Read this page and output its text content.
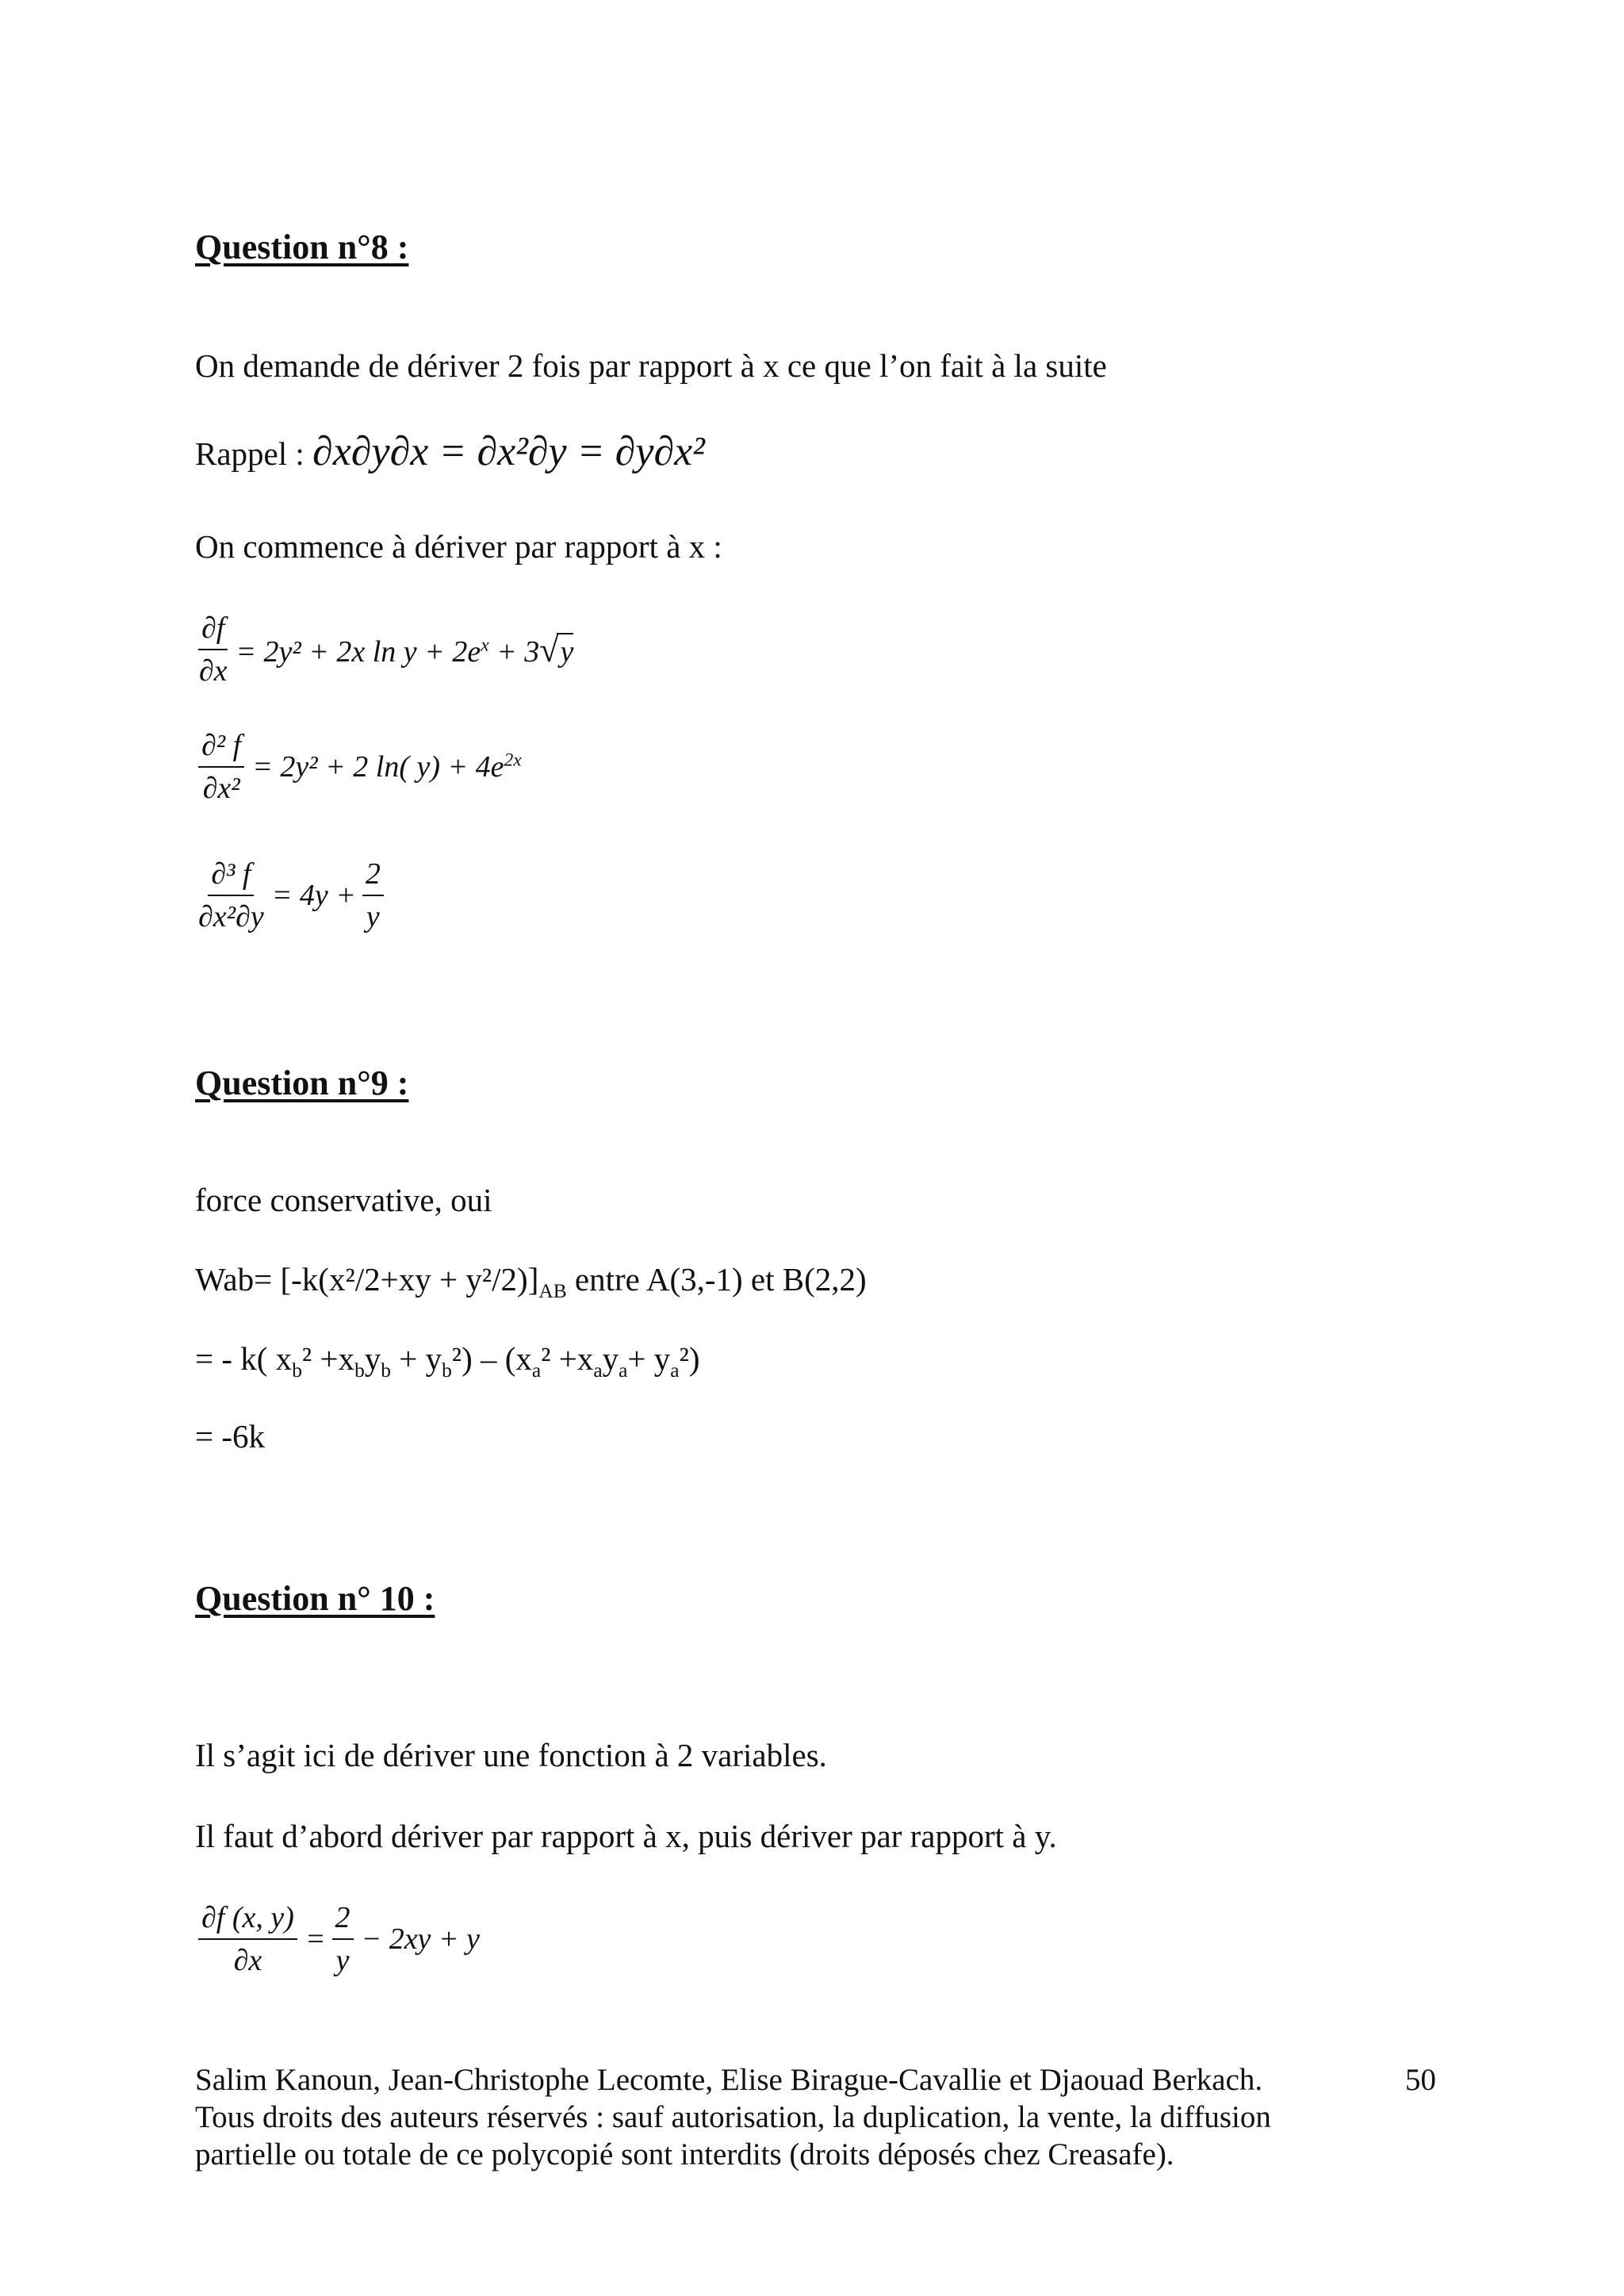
Question n°8 :
On demande de dériver 2 fois par rapport à x ce que l’on fait à la suite
Rappel : ∂x∂y∂x = ∂x²∂y = ∂y∂x²
On commence à dériver par rapport à x :
$\frac{\partial f}{\partial x} = 2y^2 + 2x$ $\ln y + 2e^x + 3√y$
$\frac{\text{∂² f}}{\text{∂x²}} = 2y^2 + 2$ ln( $y) + 4e^{2x}$
$\frac{\text{∂³ f}}{\text{∂x²∂y}} = 4y + \frac{2}{y}$
Question n°9 :
force conservative, oui
$Wab= [-k(x^2/2+xy + y^2/2)]_{AB}$ entre A(3,-1) et B(2,2)
= - k( $x_b^2 +x_by_b + y_b^2) - (x_a^2 +x_ay_a+ y_a^2)$
= -6k
Question n° 10 :
Il s’agit ici de dériver une fonction à 2 variables.
Il faut d’abord dériver par rapport à x, puis dériver par rapport à y.
$\frac{\partial f (x, y)}{\partial x} = \frac{2}{y} - 2xy + y$
Salim Kanoun, Jean-Christophe Lecomte, Elise Birague-Cavallie et Djaouad Berkach.
Tous droits des auteurs réservés : sauf autorisation, la duplication, la vente, la diffusion
partielle ou totale de ce polycopié sont interdits (droits déposés chez Creasafe).
50
